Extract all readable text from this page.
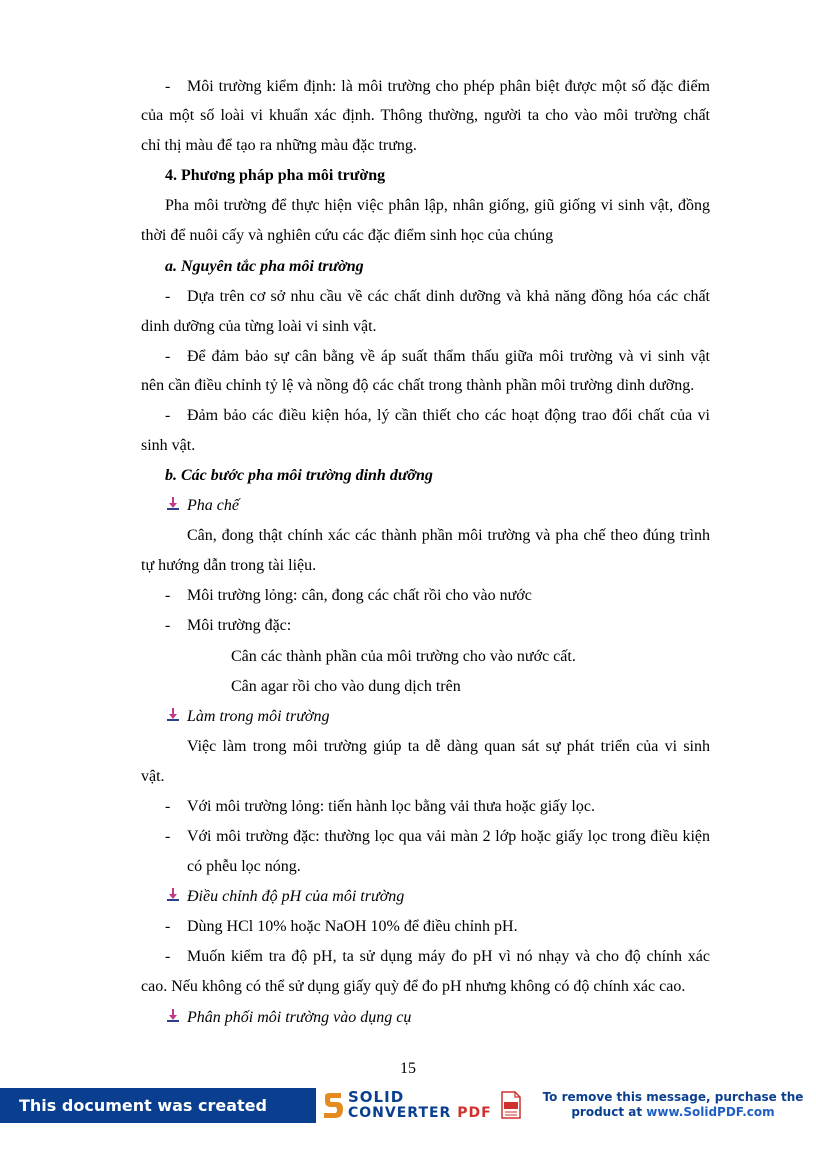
- Môi trường kiểm định: là môi trường cho phép phân biệt được một số đặc điểm
của một số loài vi khuẩn xác định. Thông thường, người ta cho vào môi trường chất
chỉ thị màu để tạo ra những màu đặc trưng.
4. Phương pháp pha môi trường
Pha môi trường để thực hiện việc phân lập, nhân giống, giũ giống vi sinh vật, đồng
thời để nuôi cấy và nghiên cứu các đặc điểm sinh học của chúng
a. Nguyên tắc pha môi trường
- Dựa trên cơ sở nhu cầu về các chất dinh dưỡng và khả năng đồng hóa các chất
dinh dưỡng của từng loài vi sinh vật.
- Để đảm bảo sự cân bằng về áp suất thẩm thấu giữa môi trường và vi sinh vật
nên cần điều chỉnh tỷ lệ và nồng độ các chất trong thành phần môi trường dinh dưỡng.
- Đảm bảo các điều kiện hóa, lý cần thiết cho các hoạt động trao đổi chất của vi
sinh vật.
b. Các bước pha môi trường dinh dưỡng
Pha chế
Cân, đong thật chính xác các thành phần môi trường và pha chế theo đúng trình
tự hướng dẫn trong tài liệu.
- Môi trường lỏng: cân, đong các chất rồi cho vào nước
- Môi trường đặc:
Cân các thành phần của môi trường cho vào nước cất.
Cân agar rồi cho vào dung dịch trên
Làm trong môi trường
Việc làm trong môi trường giúp ta dễ dàng quan sát sự phát triển của vi sinh
vật.
- Với môi trường lỏng: tiến hành lọc bằng vải thưa hoặc giấy lọc.
- Với môi trường đặc: thường lọc qua vải màn 2 lớp hoặc giấy lọc trong điều kiện
có phễu lọc nóng.
Điều chỉnh độ pH của môi trường
- Dùng HCl 10% hoặc NaOH 10% để điều chỉnh pH.
- Muốn kiểm tra độ pH, ta sử dụng máy đo pH vì nó nhạy và cho độ chính xác
cao. Nếu không có thể sử dụng giấy quỳ để đo pH nhưng không có độ chính xác cao.
Phân phối môi trường vào dụng cụ
15
This document was created using
SOLID
CONVERTER PDF
To remove this message, purchase the
product at www.SolidPDF.com
